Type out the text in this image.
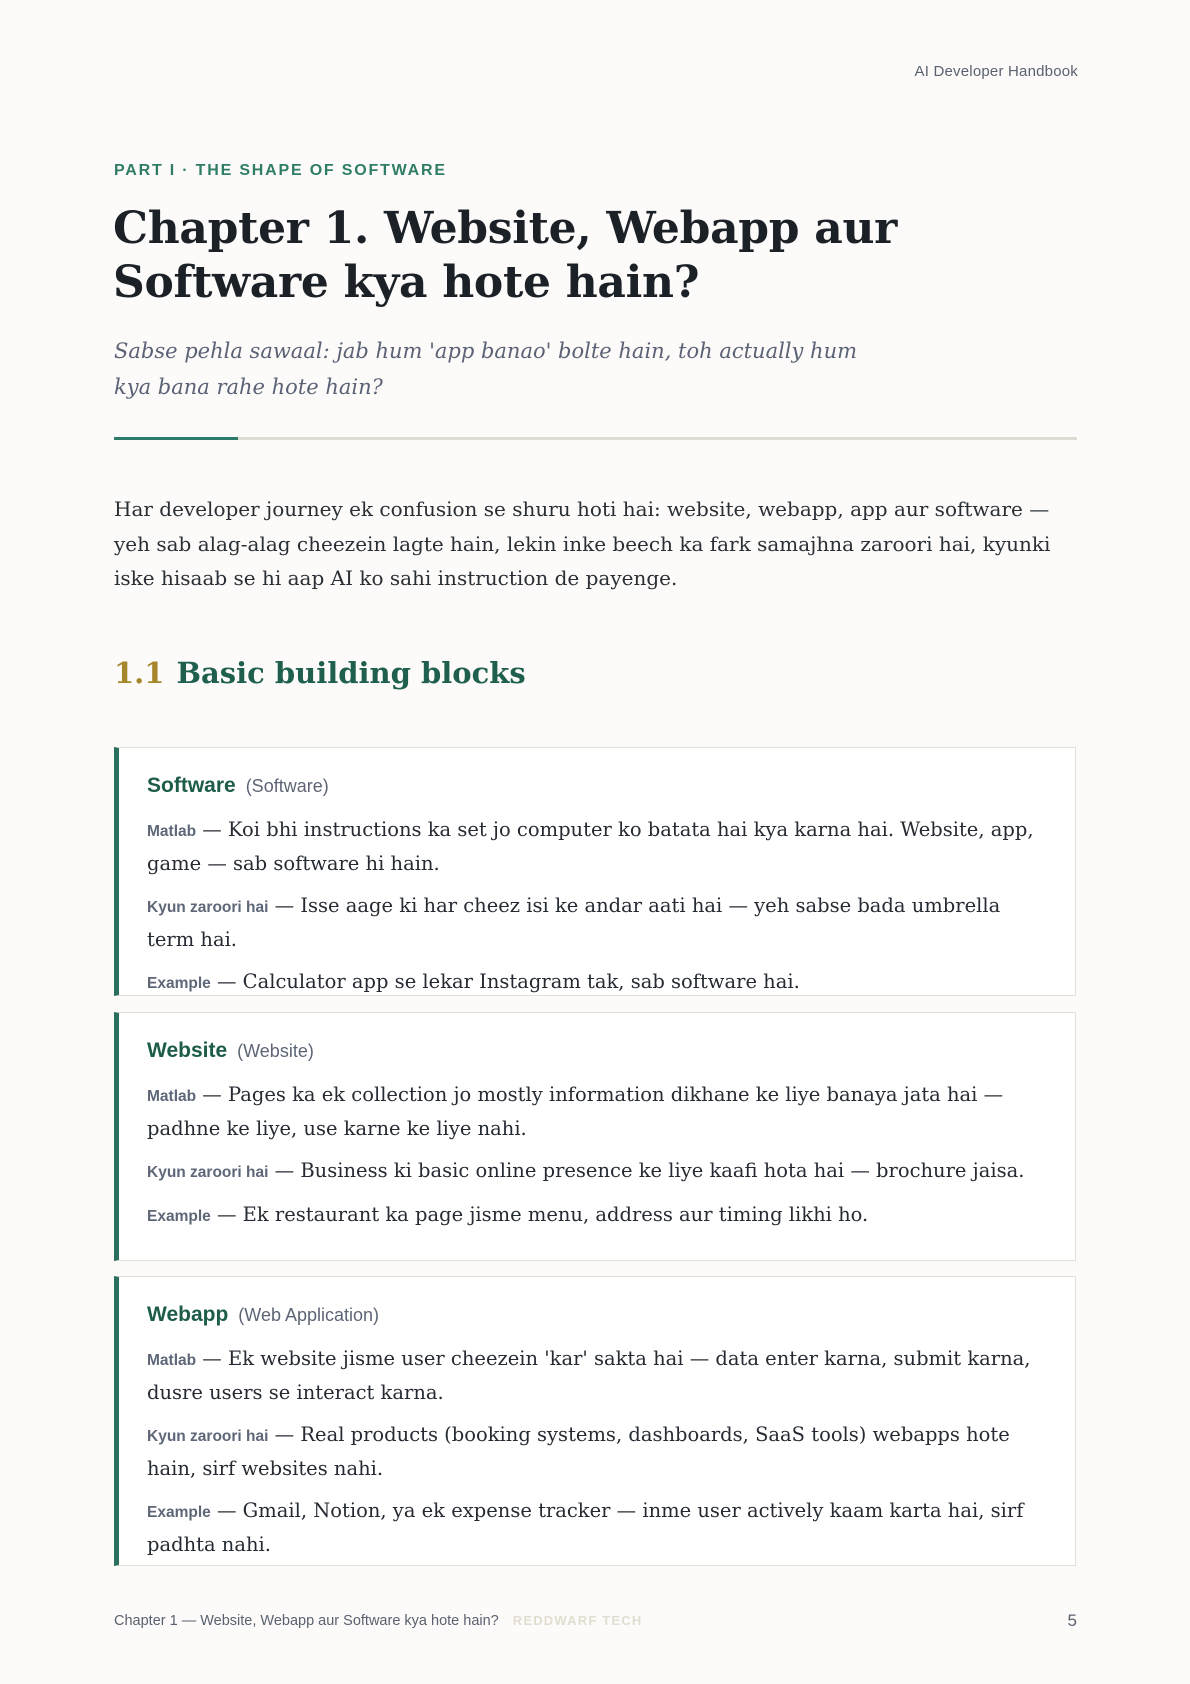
AI Developer Handbook
PART I · THE SHAPE OF SOFTWARE
Chapter 1. Website, Webapp aur Software kya hote hain?

Sabse pehla sawaal: jab hum 'app banao' bolte hain, toh actually hum kya bana rahe hote hain?

Har developer journey ek confusion se shuru hoti hai: website, webapp, app aur software — yeh sab alag-alag cheezein lagte hain, lekin inke beech ka fark samajhna zaroori hai, kyunki iske hisaab se hi aap AI ko sahi instruction de payenge.

1.1 Basic building blocks
Software (Software)

Matlab — Koi bhi instructions ka set jo computer ko batata hai kya karna hai. Website, app, game — sab software hi hain.

Kyun zaroori hai — Isse aage ki har cheez isi ke andar aati hai — yeh sabse bada umbrella term hai.

Example — Calculator app se lekar Instagram tak, sab software hai.

Website (Website)

Matlab — Pages ka ek collection jo mostly information dikhane ke liye banaya jata hai — padhne ke liye, use karne ke liye nahi.

Kyun zaroori hai — Business ki basic online presence ke liye kaafi hota hai — brochure jaisa.

Example — Ek restaurant ka page jisme menu, address aur timing likhi ho.

Webapp (Web Application)

Matlab — Ek website jisme user cheezein 'kar' sakta hai — data enter karna, submit karna, dusre users se interact karna.

Kyun zaroori hai — Real products (booking systems, dashboards, SaaS tools) webapps hote hain, sirf websites nahi.

Example — Gmail, Notion, ya ek expense tracker — inme user actively kaam karta hai, sirf padhta nahi.

Chapter 1 — Website, Webapp aur Software kya hote hain? REDDWARF TECH	5
